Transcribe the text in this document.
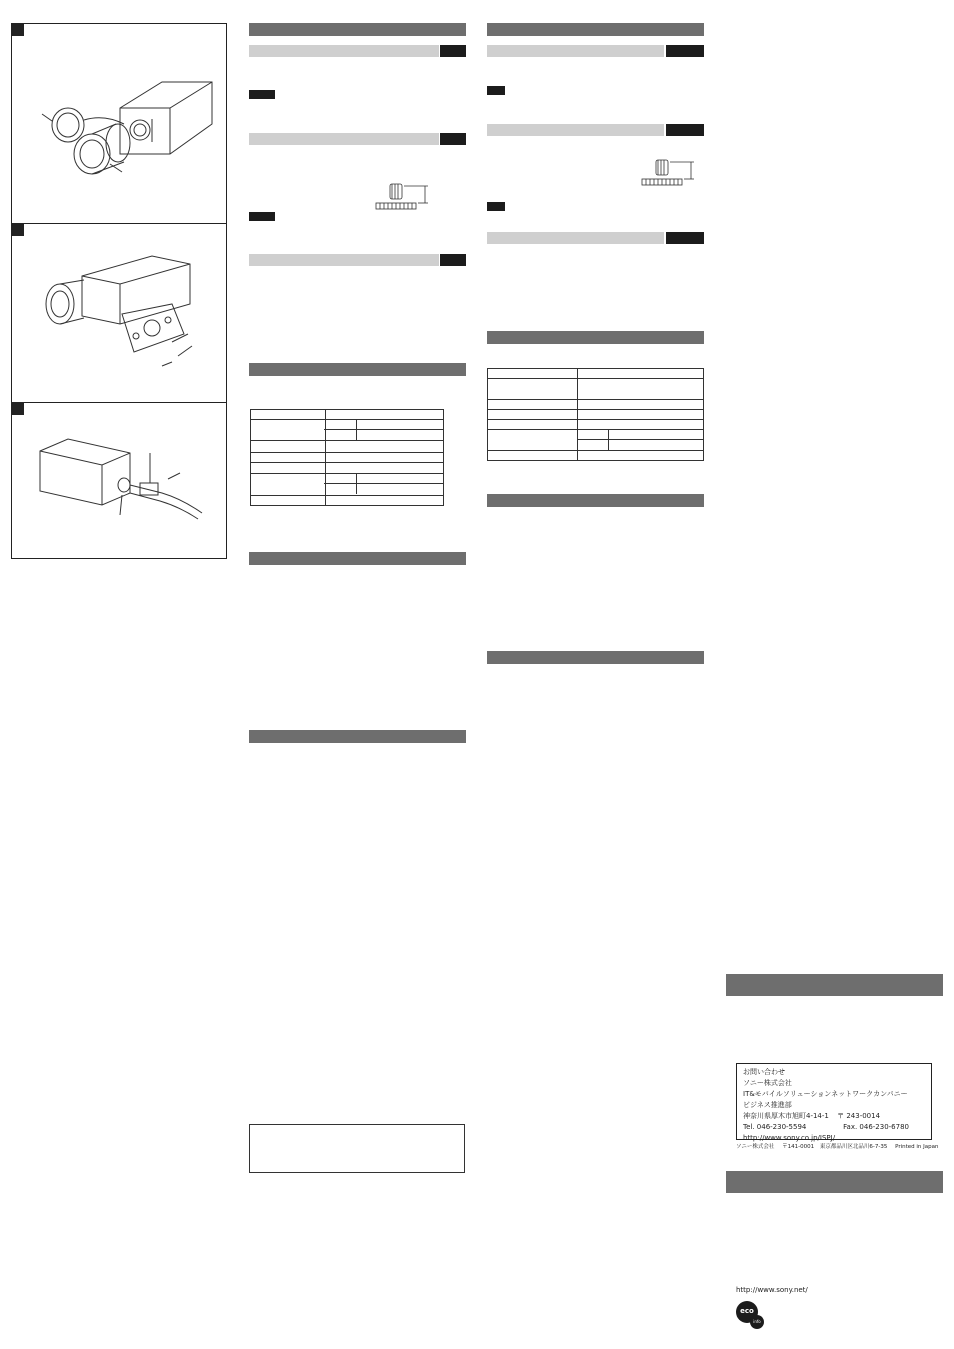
お問い合わせ
ソニー株式会社
IT&モバイルソリューションネットワークカンパニー
ビジネス推進部
神奈川県厚木市旭町4-14-1 〒 243-0014
Tel. 046-230-5594	Fax. 046-230-6780
http://www.sony.co.jp/ISPJ/
ソニー株式会社 〒141-0001 東京都品川区北品川6-7-35 Printed in Japan
http://www.sony.net/
eco
info
